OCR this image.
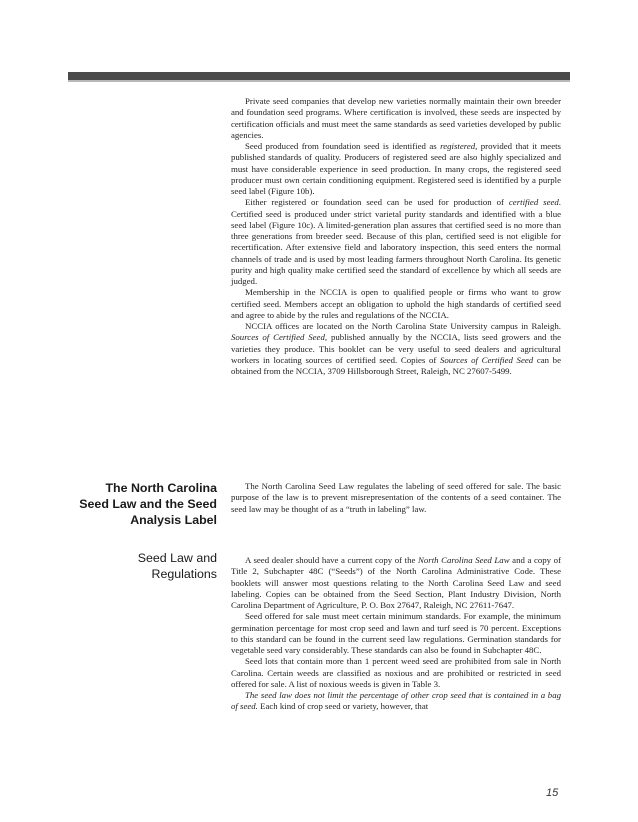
Private seed companies that develop new varieties normally maintain their own breeder and foundation seed programs. Where certification is involved, these seeds are inspected by certification officials and must meet the same standards as seed varieties developed by public agencies.

Seed produced from foundation seed is identified as registered, provided that it meets published standards of quality. Producers of registered seed are also highly specialized and must have considerable experience in seed production. In many crops, the registered seed producer must own certain conditioning equipment. Registered seed is identified by a purple seed label (Figure 10b).

Either registered or foundation seed can be used for production of certified seed. Certified seed is produced under strict varietal purity standards and identified with a blue seed label (Figure 10c). A limited-generation plan assures that certified seed is no more than three generations from breeder seed. Because of this plan, certified seed is not eligible for recertification. After extensive field and laboratory inspection, this seed enters the normal channels of trade and is used by most leading farmers throughout North Carolina. Its genetic purity and high quality make certified seed the standard of excellence by which all seeds are judged.

Membership in the NCCIA is open to qualified people or firms who want to grow certified seed. Members accept an obligation to uphold the high standards of certified seed and agree to abide by the rules and regulations of the NCCIA.

NCCIA offices are located on the North Carolina State University campus in Raleigh. Sources of Certified Seed, published annually by the NCCIA, lists seed growers and the varieties they produce. This booklet can be very useful to seed dealers and agricultural workers in locating sources of certified seed. Copies of Sources of Certified Seed can be obtained from the NCCIA, 3709 Hillsborough Street, Raleigh, NC 27607-5499.

The North Carolina
Seed Law and the Seed
Analysis Label

The North Carolina Seed Law regulates the labeling of seed offered for sale. The basic purpose of the law is to prevent misrepresentation of the contents of a seed container. The seed law may be thought of as a “truth in labeling” law.

Seed Law and
Regulations

A seed dealer should have a current copy of the North Carolina Seed Law and a copy of Title 2, Subchapter 48C (“Seeds”) of the North Carolina Administrative Code. These booklets will answer most questions relating to the North Carolina Seed Law and seed labeling. Copies can be obtained from the Seed Section, Plant Industry Division, North Carolina Department of Agriculture, P. O. Box 27647, Raleigh, NC 27611-7647.

Seed offered for sale must meet certain minimum standards. For example, the minimum germination percentage for most crop seed and lawn and turf seed is 70 percent. Exceptions to this standard can be found in the current seed law regulations. Germination standards for vegetable seed vary considerably. These standards can also be found in Subchapter 48C.

Seed lots that contain more than 1 percent weed seed are prohibited from sale in North Carolina. Certain weeds are classified as noxious and are prohibited or restricted in seed offered for sale. A list of noxious weeds is given in Table 3.

The seed law does not limit the percentage of other crop seed that is contained in a bag of seed. Each kind of crop seed or variety, however, that

15
